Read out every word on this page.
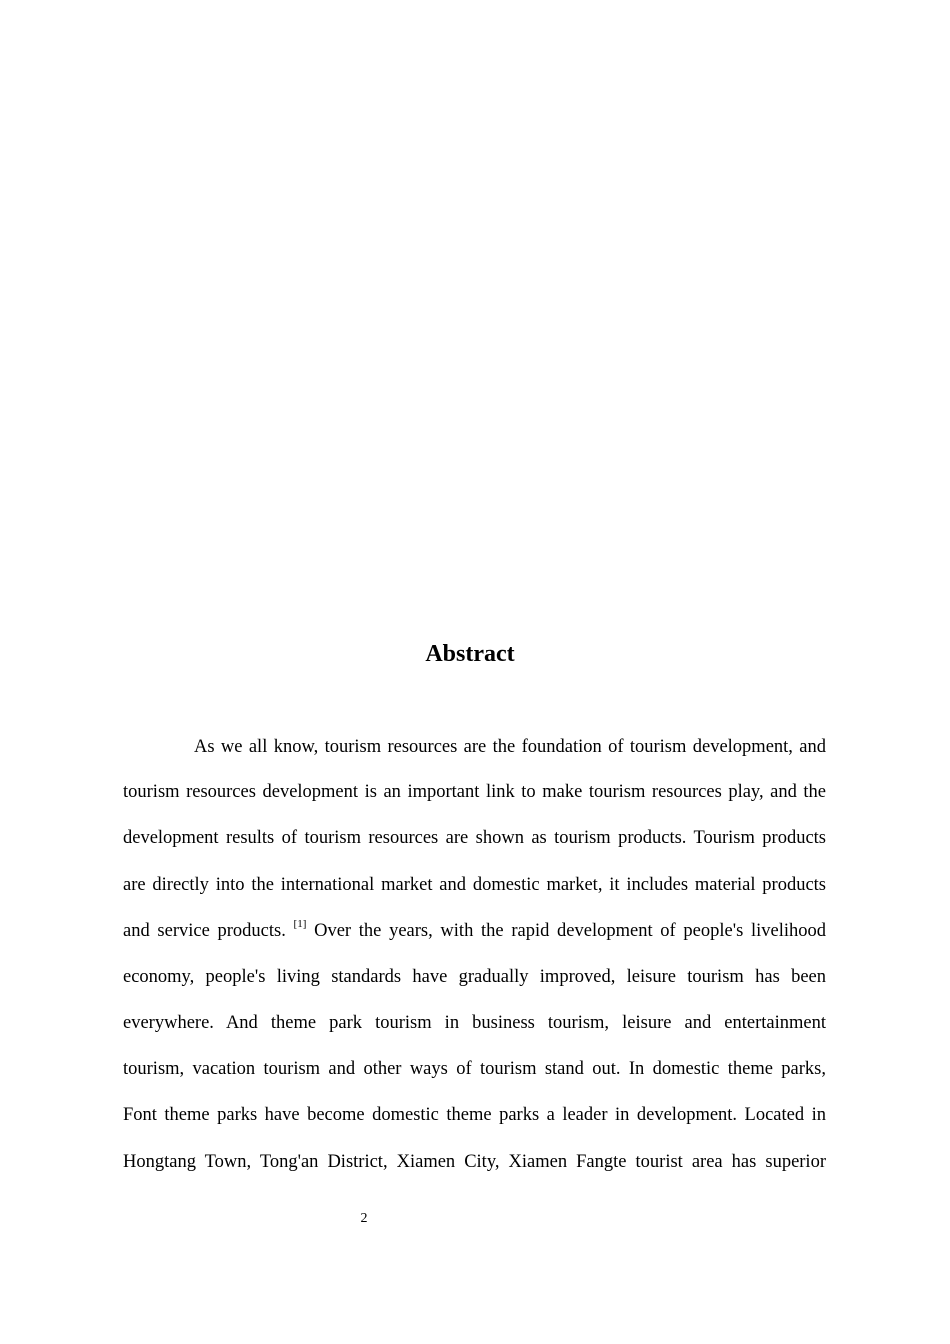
Abstract
As we all know, tourism resources are the foundation of tourism development, and
tourism resources development is an important link to make tourism resources play, and the
development results of tourism resources are shown as tourism products. Tourism products
are directly into the international market and domestic market, it includes material products
and service products. [1] Over the years, with the rapid development of people's livelihood
economy, people's living standards have gradually improved, leisure tourism has been
everywhere. And theme park tourism in business tourism, leisure and entertainment
tourism, vacation tourism and other ways of tourism stand out. In domestic theme parks,
Font theme parks have become domestic theme parks a leader in development. Located in
Hongtang Town, Tong'an District, Xiamen City, Xiamen Fangte tourist area has superior
2
